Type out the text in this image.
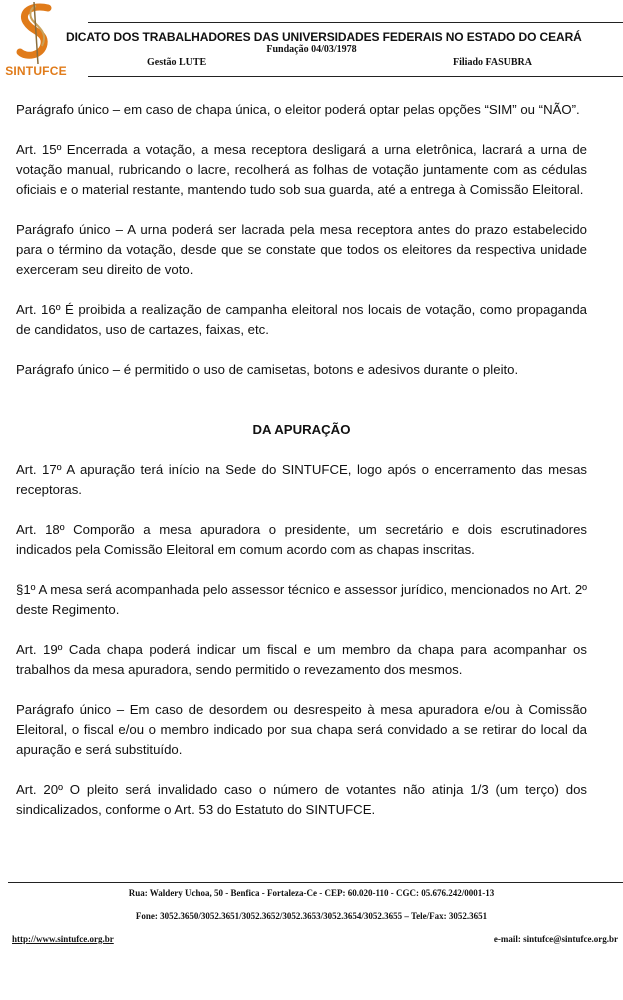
SINTUFCE
DICATO DOS TRABALHADORES DAS UNIVERSIDADES FEDERAIS NO ESTADO DO CEARÁ
Fundação 04/03/1978
Gestão LUTE	Filiado FASUBRA

Parágrafo único – em caso de chapa única, o eleitor poderá optar pelas opções “SIM” ou “NÃO”.

Art. 15º Encerrada a votação, a mesa receptora desligará a urna eletrônica, lacrará a urna de votação manual, rubricando o lacre, recolherá as folhas de votação juntamente com as cédulas oficiais e o material restante, mantendo tudo sob sua guarda, até a entrega à Comissão Eleitoral.

Parágrafo único – A urna poderá ser lacrada pela mesa receptora antes do prazo estabelecido para o término da votação, desde que se constate que todos os eleitores da respectiva unidade exerceram seu direito de voto.

Art. 16º É proibida a realização de campanha eleitoral nos locais de votação, como propaganda de candidatos, uso de cartazes, faixas, etc.

Parágrafo único – é permitido o uso de camisetas, botons e adesivos durante o pleito.

DA APURAÇÃO

Art. 17º A apuração terá início na Sede do SINTUFCE, logo após o encerramento das mesas receptoras.

Art. 18º Comporão a mesa apuradora o presidente, um secretário e dois escrutinadores indicados pela Comissão Eleitoral em comum acordo com as chapas inscritas.

§1º A mesa será acompanhada pelo assessor técnico e assessor jurídico, mencionados no Art. 2º deste Regimento.

Art. 19º Cada chapa poderá indicar um fiscal e um membro da chapa para acompanhar os trabalhos da mesa apuradora, sendo permitido o revezamento dos mesmos.

Parágrafo único – Em caso de desordem ou desrespeito à mesa apuradora e/ou à Comissão Eleitoral, o fiscal e/ou o membro indicado por sua chapa será convidado a se retirar do local da apuração e será substituído.

Art. 20º O pleito será invalidado caso o número de votantes não atinja 1/3 (um terço) dos sindicalizados, conforme o Art. 53 do Estatuto do SINTUFCE.

Rua: Waldery Uchoa, 50 - Benfica - Fortaleza-Ce - CEP: 60.020-110 - CGC: 05.676.242/0001-13
Fone: 3052.3650/3052.3651/3052.3652/3052.3653/3052.3654/3052.3655 – Tele/Fax: 3052.3651
http://www.sintufce.org.br	e-mail: sintufce@sintufce.org.br
